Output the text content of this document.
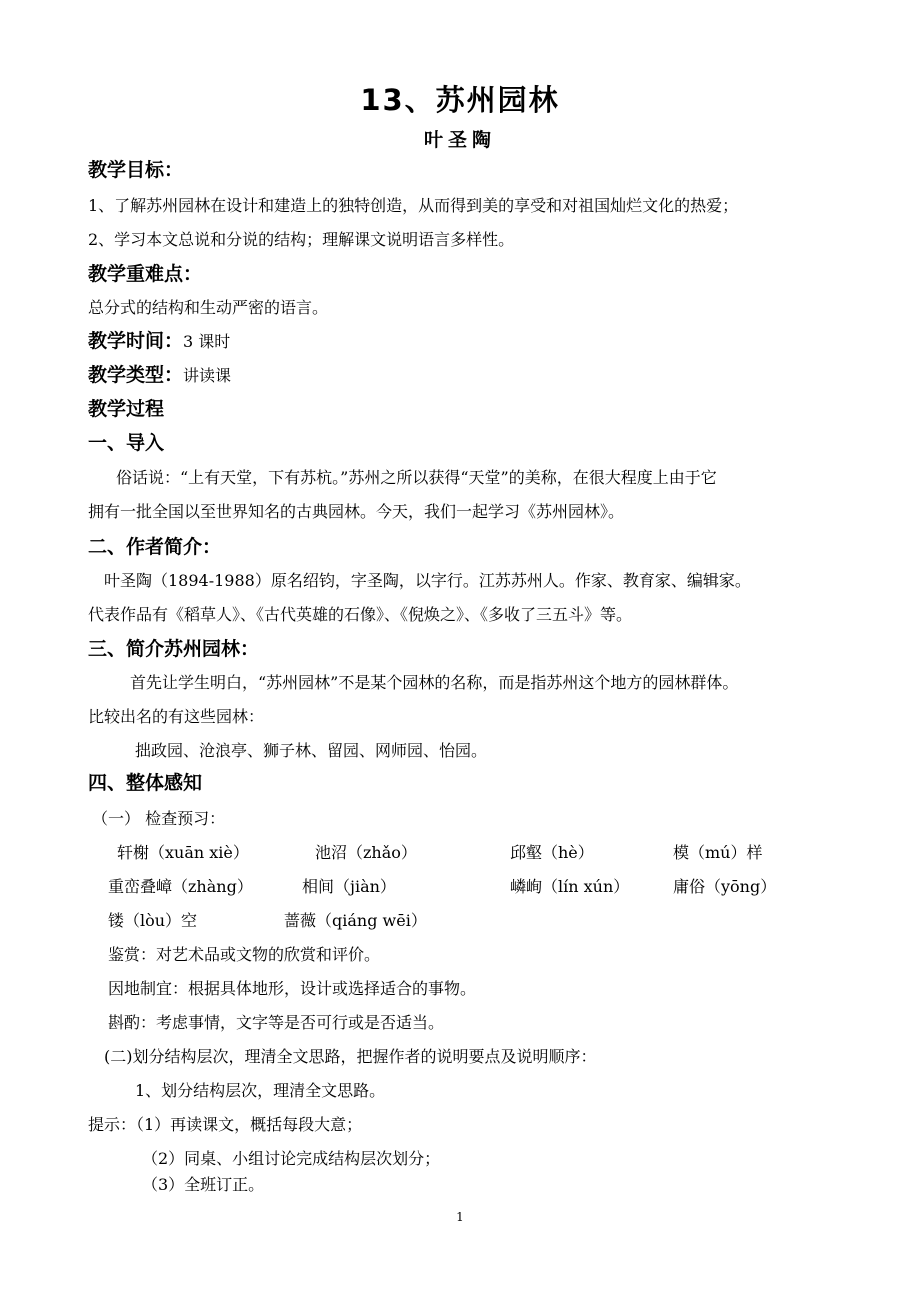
13、苏州园林
叶圣陶
教学目标：
1、了解苏州园林在设计和建造上的独特创造，从而得到美的享受和对祖国灿烂文化的热爱；
2、学习本文总说和分说的结构；理解课文说明语言多样性。
教学重难点：
总分式的结构和生动严密的语言。
教学时间：3 课时
教学类型：讲读课
教学过程
一、导入
俗话说：“上有天堂，下有苏杭。”苏州之所以获得“天堂”的美称，在很大程度上由于它
拥有一批全国以至世界知名的古典园林。今天，我们一起学习《苏州园林》。
二、作者简介：
叶圣陶（1894-1988）原名绍钧，字圣陶，以字行。江苏苏州人。作家、教育家、编辑家。
代表作品有《稻草人》、《古代英雄的石像》、《倪焕之》、《多收了三五斗》等。
三、简介苏州园林：
首先让学生明白，“苏州园林”不是某个园林的名称，而是指苏州这个地方的园林群体。
比较出名的有这些园林：
拙政园、沧浪亭、狮子林、留园、网师园、怡园。
四、整体感知
（一） 检查预习：
轩榭（xuān xiè）	池沼（zhǎo）	邱壑（hè）	模（mú）样
重峦叠嶂（zhàng）	相间（jiàn）	嶙峋（lín xún）	庸俗（yōng）
镂（lòu）空	蔷薇（qiáng wēi）
鉴赏：对艺术品或文物的欣赏和评价。
因地制宜：根据具体地形，设计或选择适合的事物。
斟酌：考虑事情，文字等是否可行或是否适当。
(二)划分结构层次，理清全文思路，把握作者的说明要点及说明顺序：
1、划分结构层次，理清全文思路。
提示：（1）再读课文，概括每段大意；
（2）同桌、小组讨论完成结构层次划分；
（3）全班订正。
1
